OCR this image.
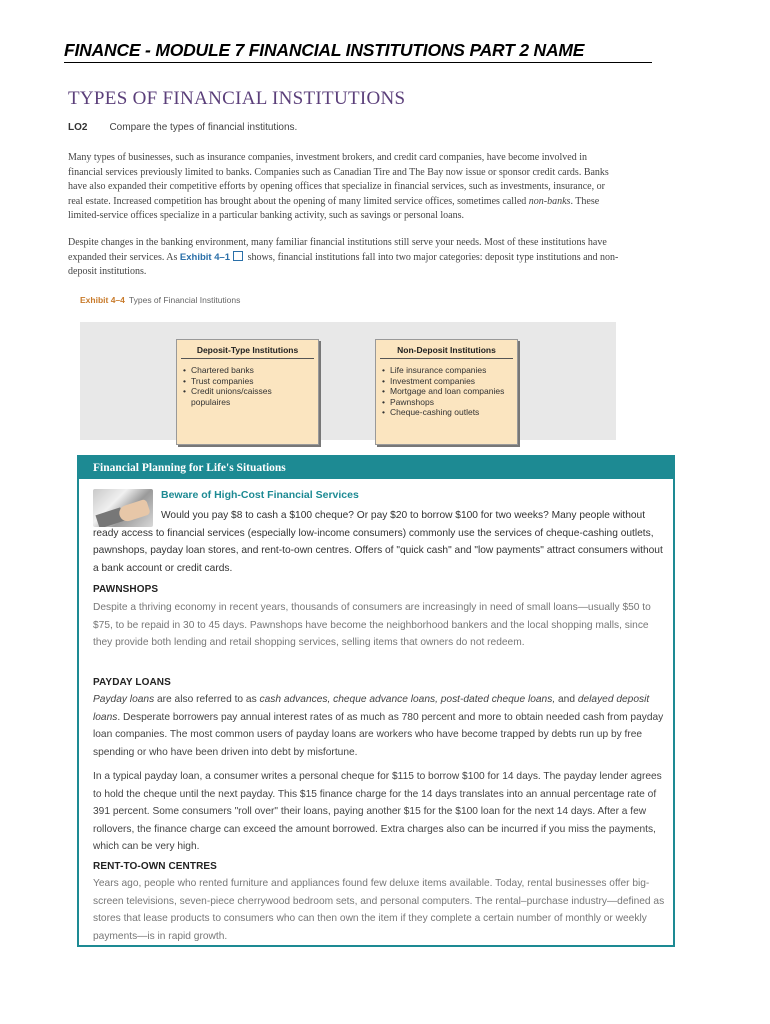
FINANCE - MODULE 7 FINANCIAL INSTITUTIONS PART 2 NAME
TYPES OF FINANCIAL INSTITUTIONS
LO2 Compare the types of financial institutions.

Many types of businesses, such as insurance companies, investment brokers, and credit card companies, have become involved in financial services previously limited to banks. Companies such as Canadian Tire and The Bay now issue or sponsor credit cards. Banks have also expanded their competitive efforts by opening offices that specialize in financial services, such as investments, insurance, or real estate. Increased competition has brought about the opening of many limited service offices, sometimes called non-banks. These limited-service offices specialize in a particular banking activity, such as savings or personal loans.

Despite changes in the banking environment, many familiar financial institutions still serve your needs. Most of these institutions have expanded their services. As Exhibit 4–1 shows, financial institutions fall into two major categories: deposit type institutions and non-deposit institutions.

Exhibit 4–4 Types of Financial Institutions
Deposit-Type Institutions
• Chartered banks
• Trust companies
• Credit unions/caisses populaires
Non-Deposit Institutions
• Life insurance companies
• Investment companies
• Mortgage and loan companies
• Pawnshops
• Cheque-cashing outlets
Financial Planning for Life's Situations
Beware of High-Cost Financial Services

Would you pay $8 to cash a $100 cheque? Or pay $20 to borrow $100 for two weeks? Many people without ready access to financial services (especially low-income consumers) commonly use the services of cheque-cashing outlets, pawnshops, payday loan stores, and rent-to-own centres. Offers of "quick cash" and "low payments" attract consumers without a bank account or credit cards.

PAWNSHOPS

Despite a thriving economy in recent years, thousands of consumers are increasingly in need of small loans—usually $50 to $75, to be repaid in 30 to 45 days. Pawnshops have become the neighborhood bankers and the local shopping malls, since they provide both lending and retail shopping services, selling items that owners do not redeem.

PAYDAY LOANS

Payday loans are also referred to as cash advances, cheque advance loans, post-dated cheque loans, and delayed deposit loans. Desperate borrowers pay annual interest rates of as much as 780 percent and more to obtain needed cash from payday loan companies. The most common users of payday loans are workers who have become trapped by debts run up by free spending or who have been driven into debt by misfortune.

In a typical payday loan, a consumer writes a personal cheque for $115 to borrow $100 for 14 days. The payday lender agrees to hold the cheque until the next payday. This $15 finance charge for the 14 days translates into an annual percentage rate of 391 percent. Some consumers "roll over" their loans, paying another $15 for the $100 loan for the next 14 days. After a few rollovers, the finance charge can exceed the amount borrowed. Extra charges also can be incurred if you miss the payments, which can be very high.

RENT-TO-OWN CENTRES

Years ago, people who rented furniture and appliances found few deluxe items available. Today, rental businesses offer big-screen televisions, seven-piece cherrywood bedroom sets, and personal computers. The rental–purchase industry—defined as stores that lease products to consumers who can then own the item if they complete a certain number of monthly or weekly payments—is in rapid growth.
